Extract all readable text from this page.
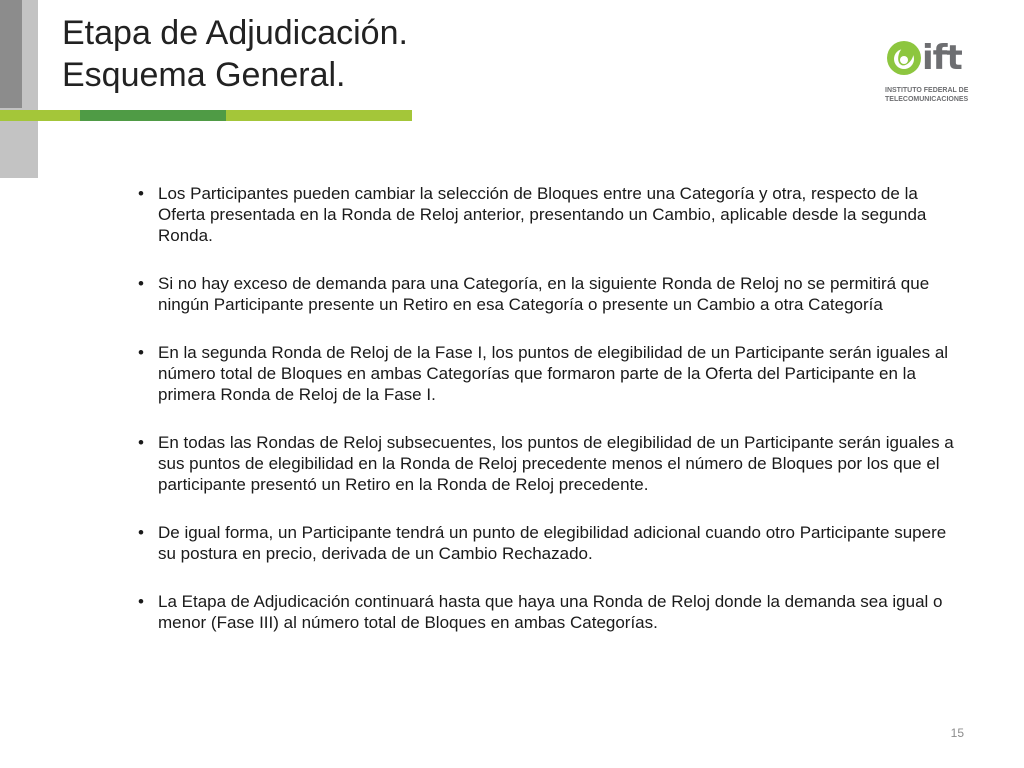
Etapa de Adjudicación.
Esquema General.	ift
INSTITUTO FEDERAL DE
TELECOMUNICACIONES
• Los Participantes pueden cambiar la selección de Bloques entre una Categoría y otra, respecto de la Oferta presentada en la Ronda de Reloj anterior, presentando un Cambio, aplicable desde la segunda Ronda.
• Si no hay exceso de demanda para una Categoría, en la siguiente Ronda de Reloj no se permitirá que ningún Participante presente un Retiro en esa Categoría o presente un Cambio a otra Categoría
• En la segunda Ronda de Reloj de la Fase I, los puntos de elegibilidad de un Participante serán iguales al número total de Bloques en ambas Categorías que formaron parte de la Oferta del Participante en la primera Ronda de Reloj de la Fase I.
• En todas las Rondas de Reloj subsecuentes, los puntos de elegibilidad de un Participante serán iguales a sus puntos de elegibilidad en la Ronda de Reloj precedente menos el número de Bloques por los que el participante presentó un Retiro en la Ronda de Reloj precedente.
• De igual forma, un Participante tendrá un punto de elegibilidad adicional cuando otro Participante supere su postura en precio, derivada de un Cambio Rechazado.
• La Etapa de Adjudicación continuará hasta que haya una Ronda de Reloj donde la demanda sea igual o menor (Fase III) al número total de Bloques en ambas Categorías.
15
